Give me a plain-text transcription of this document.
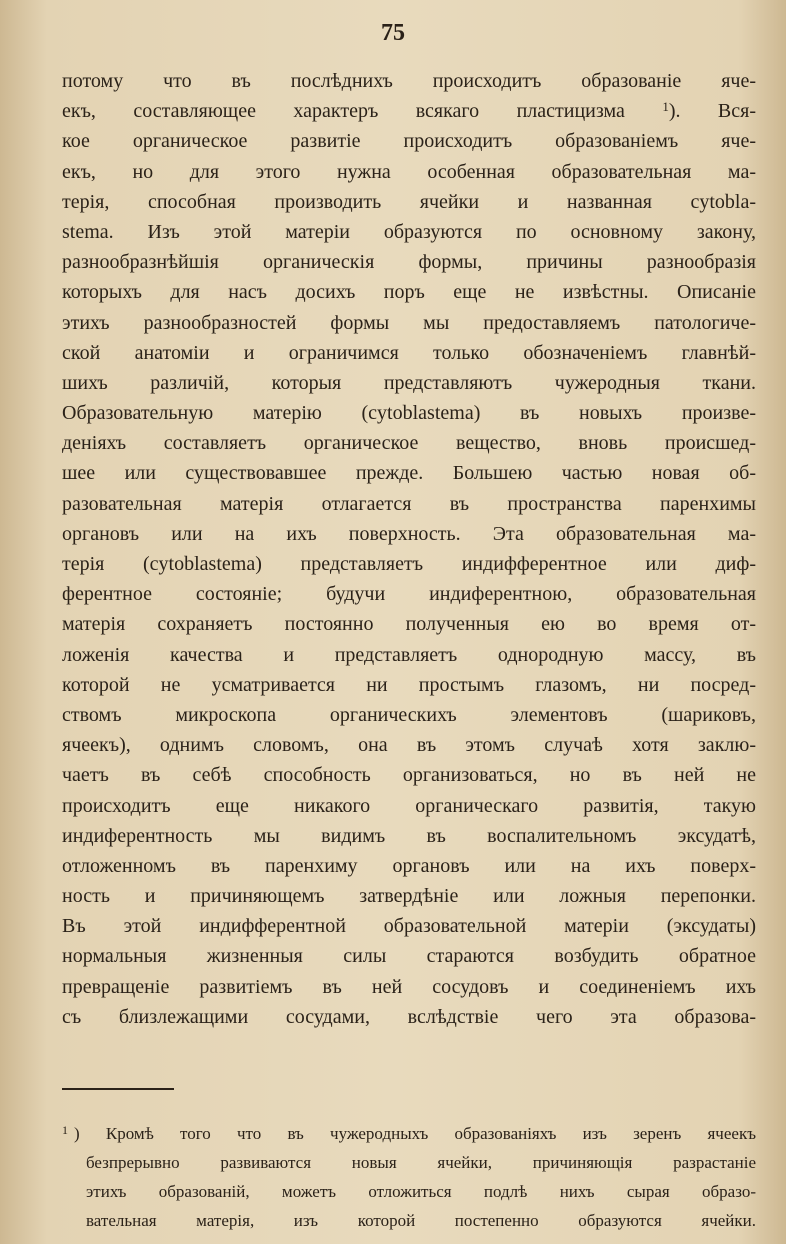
75
потому что въ послѣднихъ происходитъ образованіе яче-
екъ, составляющее характеръ всякаго пластицизма	$^1$). Вся-
кое органическое развитіе происходитъ образованіемъ яче-
екъ, но для этого нужна особенная образовательная ма-
терія, способная производить ячейки и названная cytobla-
stema. Изъ этой матеріи образуются по основному закону,
разнообразнѣйшія органическія формы, причины разнообразія
которыхъ для насъ досихъ поръ еще не извѣстны. Описаніе
этихъ разнообразностей формы мы предоставляемъ патологиче-
ской анатоміи и ограничимся только обозначеніемъ главнѣй-
шихъ различій, которыя представляютъ чужеродныя ткани.
Образовательную матерію (cytoblastema) въ новыхъ произве-
деніяхъ составляетъ органическое вещество, вновь происшед-
шее или существовавшее прежде. Большею частью новая об-
разовательная матерія отлагается въ пространства паренхимы
органовъ или на ихъ поверхность. Эта образовательная ма-
терія (cytoblastema) представляетъ индифферентное или диф-
ферентное состояніе; будучи индиферентною, образовательная
матерія сохраняетъ постоянно полученныя ею во время от-
ложенія качества и представляетъ однородную массу, въ
которой не усматривается ни простымъ глазомъ, ни посред-
ствомъ микроскопа органическихъ элементовъ (шариковъ,
ячеекъ), однимъ словомъ, она въ этомъ случаѣ хотя заклю-
чаетъ въ себѣ способность организоваться, но въ ней не
происходитъ еще никакого органическаго развитія, такую
индиферентность мы видимъ въ воспалительномъ эксудатѣ,
отложенномъ въ паренхиму органовъ или на ихъ поверх-
ность и причиняющемъ затвердѣніе или ложныя перепонки.
Въ этой индифферентной образовательной матеріи (эксудаты)
нормальныя жизненныя силы стараются возбудить обратное
превращеніе развитіемъ въ ней сосудовъ и соединеніемъ ихъ
съ близлежащими сосудами, вслѣдствіе чего эта образова-
$^1$ ) Кромѣ того что въ чужеродныхъ образованіяхъ изъ зеренъ ячеекъ
безпрерывно развиваются новыя ячейки, причиняющія разрастаніе
этихъ образованій, можетъ отложиться подлѣ нихъ сырая образо-
вательная матерія, изъ которой постепенно образуются ячейки.
